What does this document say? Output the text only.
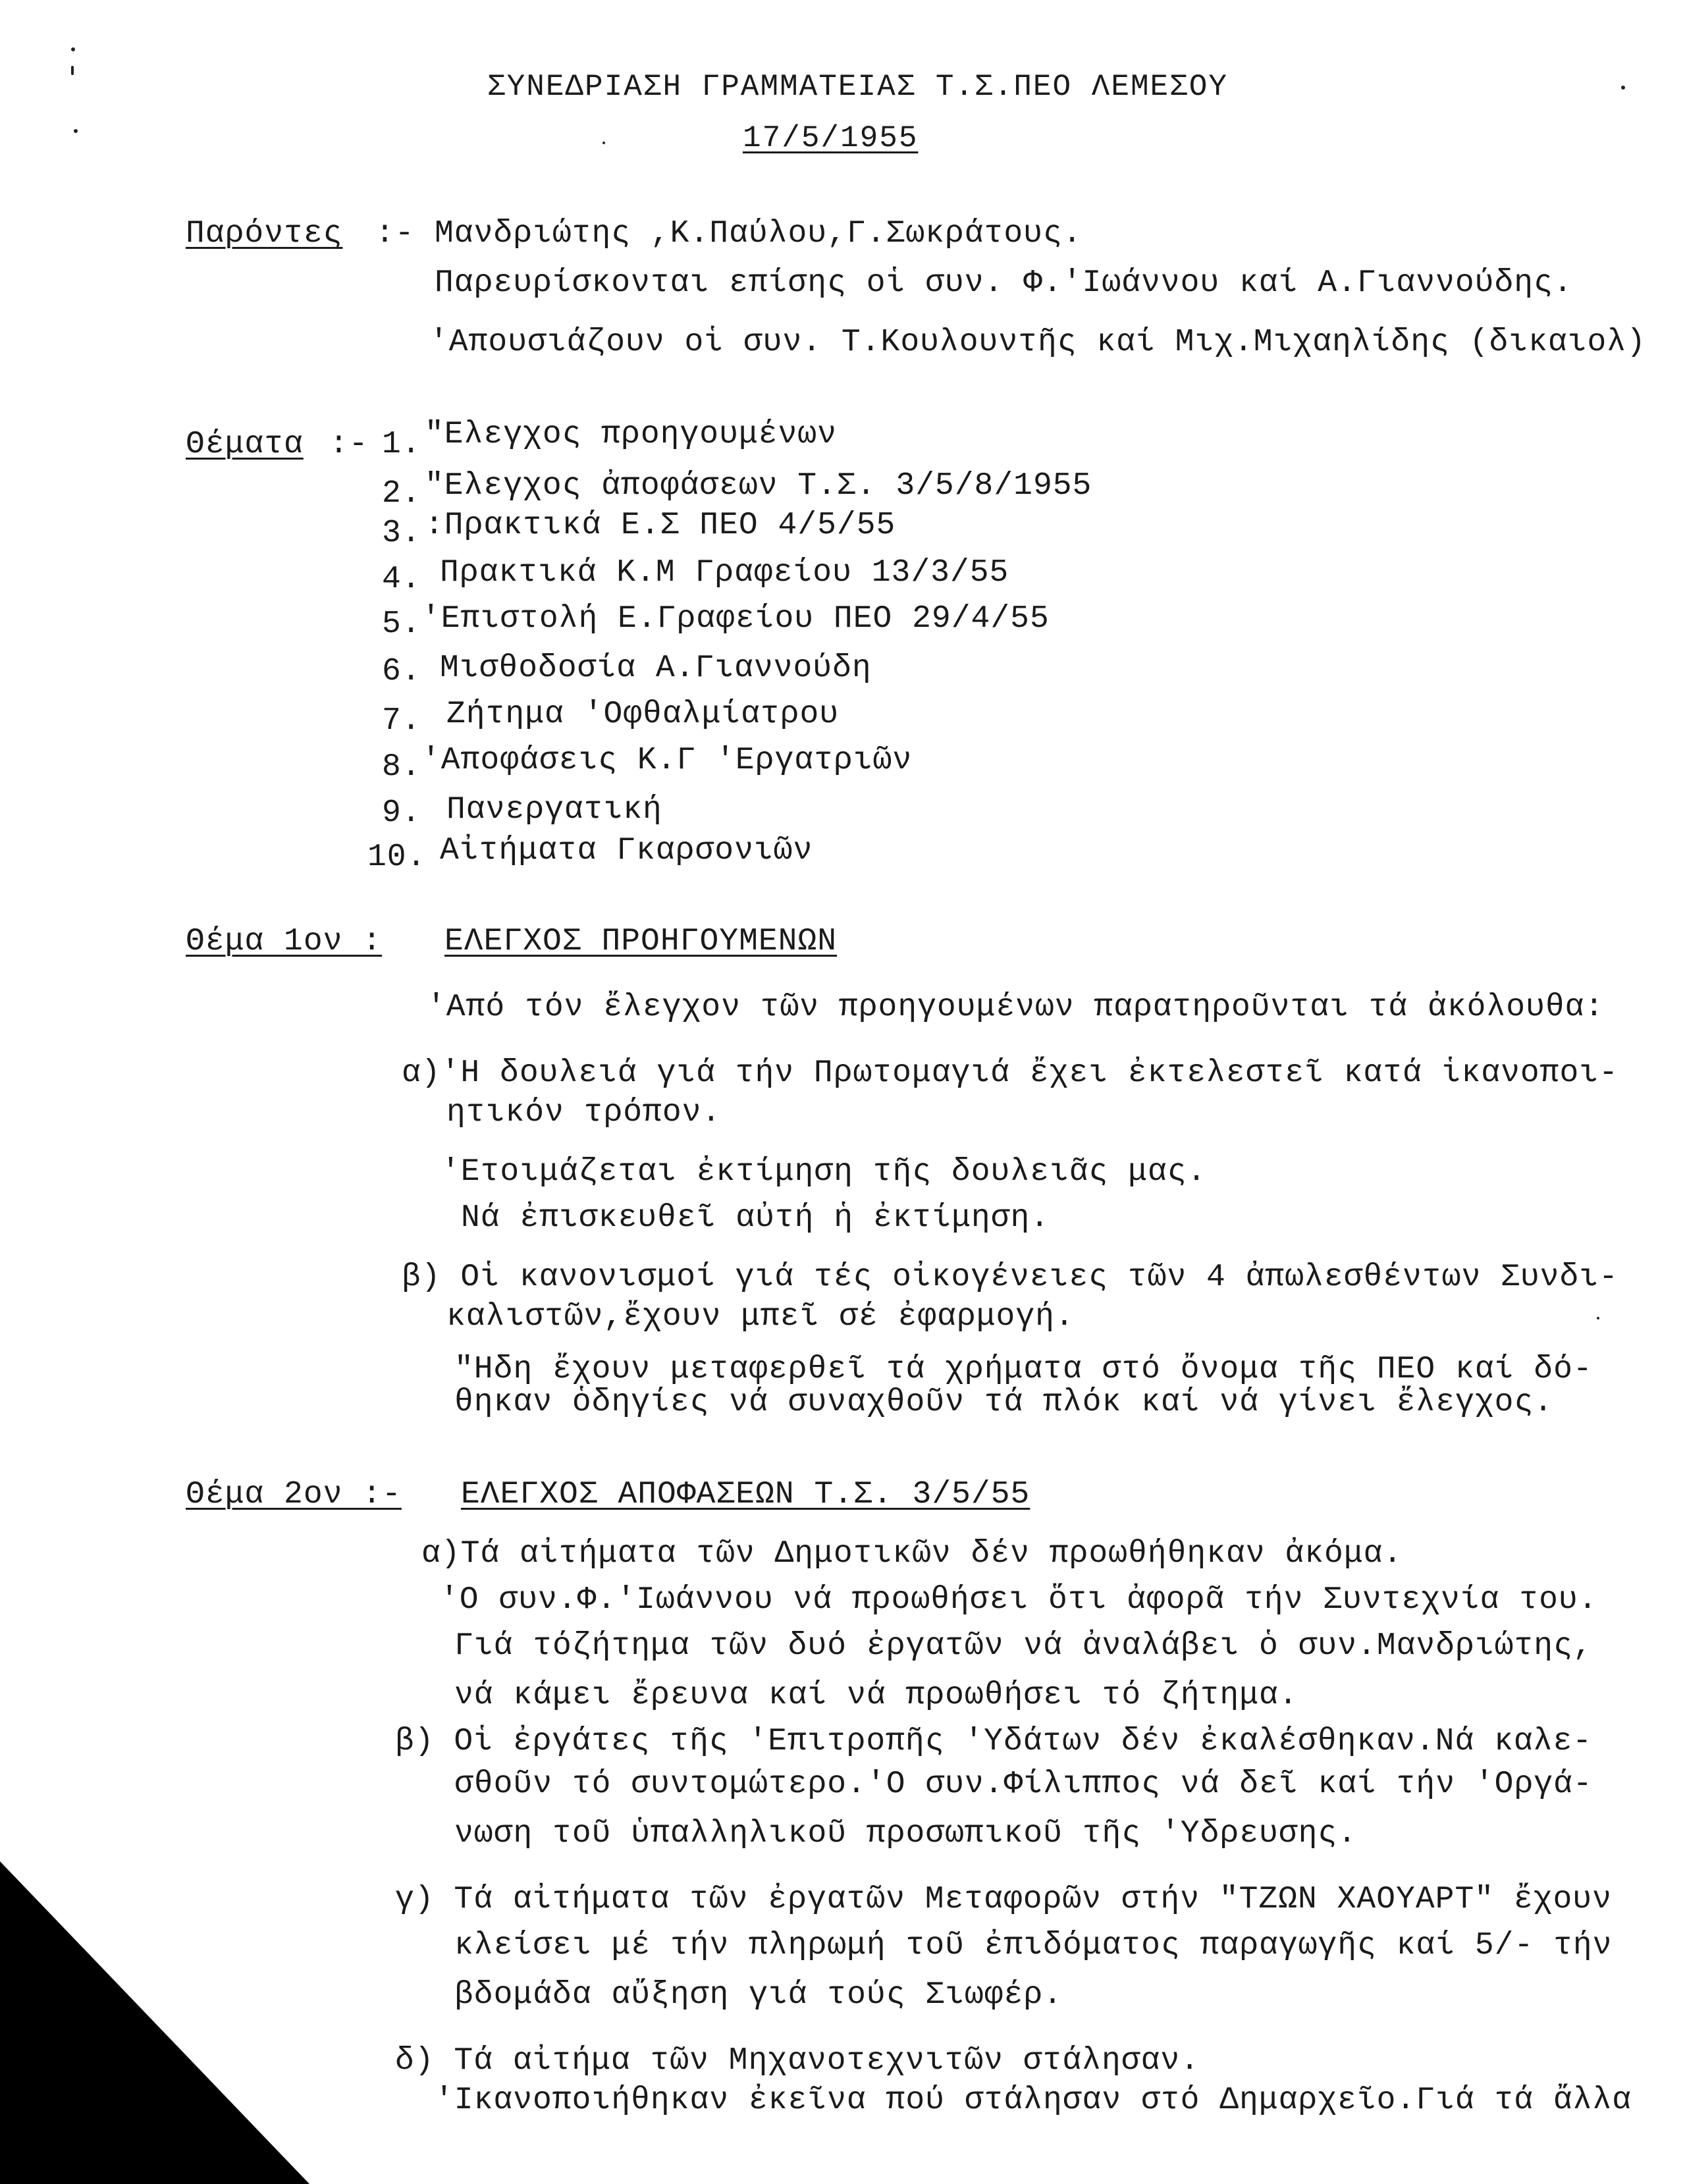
ΣΥΝΕΔΡΙΑΣΗ ΓΡΑΜΜΑΤΕΙΑΣ Τ.Σ.ΠΕΟ ΛΕΜΕΣΟΥ
17/5/1955
Παρόντες :- Μανδριώτης ,Κ.Παύλου,Γ.Σωκράτους.
Παρευρίσκονται επίσης οἱ συν. Φ.'Ιωάννου καί Α.Γιαννούδης.
'Απουσιάζουν οἱ συν. Τ.Κουλουντῆς καί Μιχ.Μιχαηλίδης (δικαιολ)
Θέματα :- 1. "Ελεγχος προηγουμένων
2. "Ελεγχος ἀποφάσεων Τ.Σ. 3/5/8/1955
3. :Πρακτικά Ε.Σ ΠΕΟ 4/5/55
4. Πρακτικά Κ.Μ Γραφείου 13/3/55
5. 'Επιστολή Ε.Γραφείου ΠΕΟ 29/4/55
6. Μισθοδοσία Α.Γιαννούδη
7. Ζήτημα 'Οφθαλμίατρου
8. 'Αποφάσεις Κ.Γ 'Εργατριῶν
9. Πανεργατική
10. Αἰτήματα Γκαρσονιῶν
Θέμα 1ον : ΕΛΕΓΧΟΣ ΠΡΟΗΓΟΥΜΕΝΩΝ
'Από τόν ἔλεγχον τῶν προηγουμένων παρατηροῦνται τά ἀκόλουθα:
α)'Η δουλειά γιά τήν Πρωτομαγιά ἔχει ἐκτελεστεῖ κατά ἱκανοποι-
ητικόν τρόπον.
'Ετοιμάζεται ἐκτίμηση τῆς δουλειᾶς μας.
Νά ἐπισκευθεῖ αὐτή ἡ ἐκτίμηση.
β) Οἱ κανονισμοί γιά τές οἰκογένειες τῶν 4 ἀπωλεσθέντων Συνδι-
καλιστῶν,ἔχουν μπεῖ σέ ἐφαρμογή.
"Ηδη ἔχουν μεταφερθεῖ τά χρήματα στό ὄνομα τῆς ΠΕΟ καί δό-
θηκαν ὁδηγίες νά συναχθοῦν τά πλόκ καί νά γίνει ἔλεγχος.
Θέμα 2ον :- ΕΛΕΓΧΟΣ ΑΠΟΦΑΣΕΩΝ Τ.Σ. 3/5/55
α)Τά αἰτήματα τῶν Δημοτικῶν δέν προωθήθηκαν ἀκόμα.
'Ο συν.Φ.'Ιωάννου νά προωθήσει ὅτι ἀφορᾶ τήν Συντεχνία του.
Γιά τόζήτημα τῶν δυό ἐργατῶν νά ἀναλάβει ὁ συν.Μανδριώτης,
νά κάμει ἔρευνα καί νά προωθήσει τό ζήτημα.
β) Οἱ ἐργάτες τῆς 'Επιτροπῆς 'Υδάτων δέν ἐκαλέσθηκαν.Νά καλε-
σθοῦν τό συντομώτερο.'Ο συν.Φίλιππος νά δεῖ καί τήν 'Οργά-
νωση τοῦ ὑπαλληλικοῦ προσωπικοῦ τῆς 'Υδρευσης.
γ) Τά αἰτήματα τῶν ἐργατῶν Μεταφορῶν στήν "ΤΖΩΝ ΧΑΟΥΑΡΤ" ἔχουν
κλείσει μέ τήν πληρωμή τοῦ ἐπιδόματος παραγωγῆς καί 5/- τήν
βδομάδα αὔξηση γιά τούς Σιωφέρ.
δ) Τά αἰτήμα τῶν Μηχανοτεχνιτῶν στάλησαν.
'Ικανοποιήθηκαν ἐκεῖνα πού στάλησαν στό Δημαρχεῖο.Γιά τά ἄλλα
